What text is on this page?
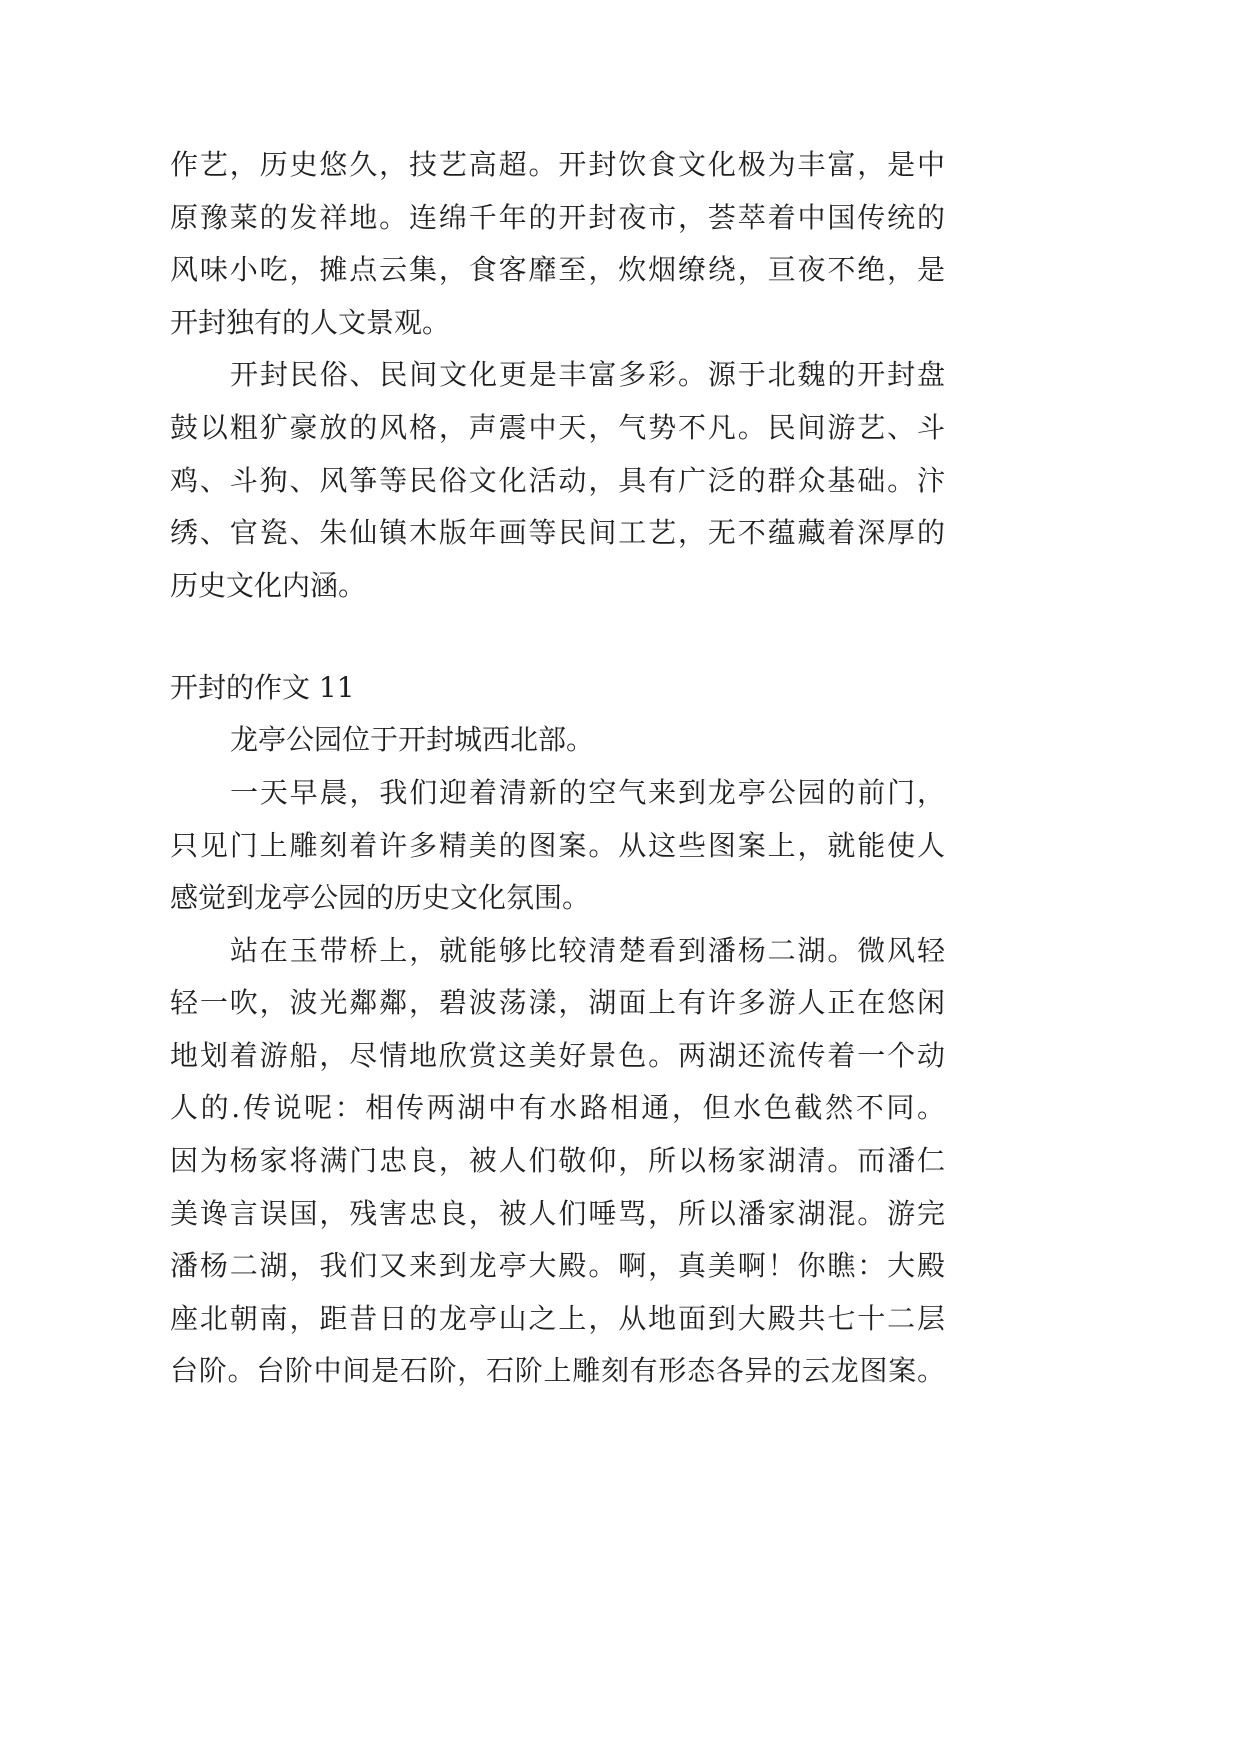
作艺，历史悠久，技艺高超。开封饮食文化极为丰富，是中
原豫菜的发祥地。连绵千年的开封夜市，荟萃着中国传统的
风味小吃，摊点云集，食客靡至，炊烟缭绕，亘夜不绝，是
开封独有的人文景观。
开封民俗、民间文化更是丰富多彩。源于北魏的开封盘
鼓以粗犷豪放的风格，声震中天，气势不凡。民间游艺、斗
鸡、斗狗、风筝等民俗文化活动，具有广泛的群众基础。汴
绣、官瓷、朱仙镇木版年画等民间工艺，无不蕴藏着深厚的
历史文化内涵。
开封的作文 11
龙亭公园位于开封城西北部。
一天早晨，我们迎着清新的空气来到龙亭公园的前门，
只见门上雕刻着许多精美的图案。从这些图案上，就能使人
感觉到龙亭公园的历史文化氛围。
站在玉带桥上，就能够比较清楚看到潘杨二湖。微风轻
轻一吹，波光鄰鄰，碧波荡漾，湖面上有许多游人正在悠闲
地划着游船，尽情地欣赏这美好景色。两湖还流传着一个动
人的.传说呢：相传两湖中有水路相通，但水色截然不同。
因为杨家将满门忠良，被人们敬仰，所以杨家湖清。而潘仁
美谗言误国，残害忠良，被人们唾骂，所以潘家湖混。游完
潘杨二湖，我们又来到龙亭大殿。啊，真美啊！你瞧：大殿
座北朝南，距昔日的龙亭山之上，从地面到大殿共七十二层
台阶。台阶中间是石阶，石阶上雕刻有形态各异的云龙图案。
